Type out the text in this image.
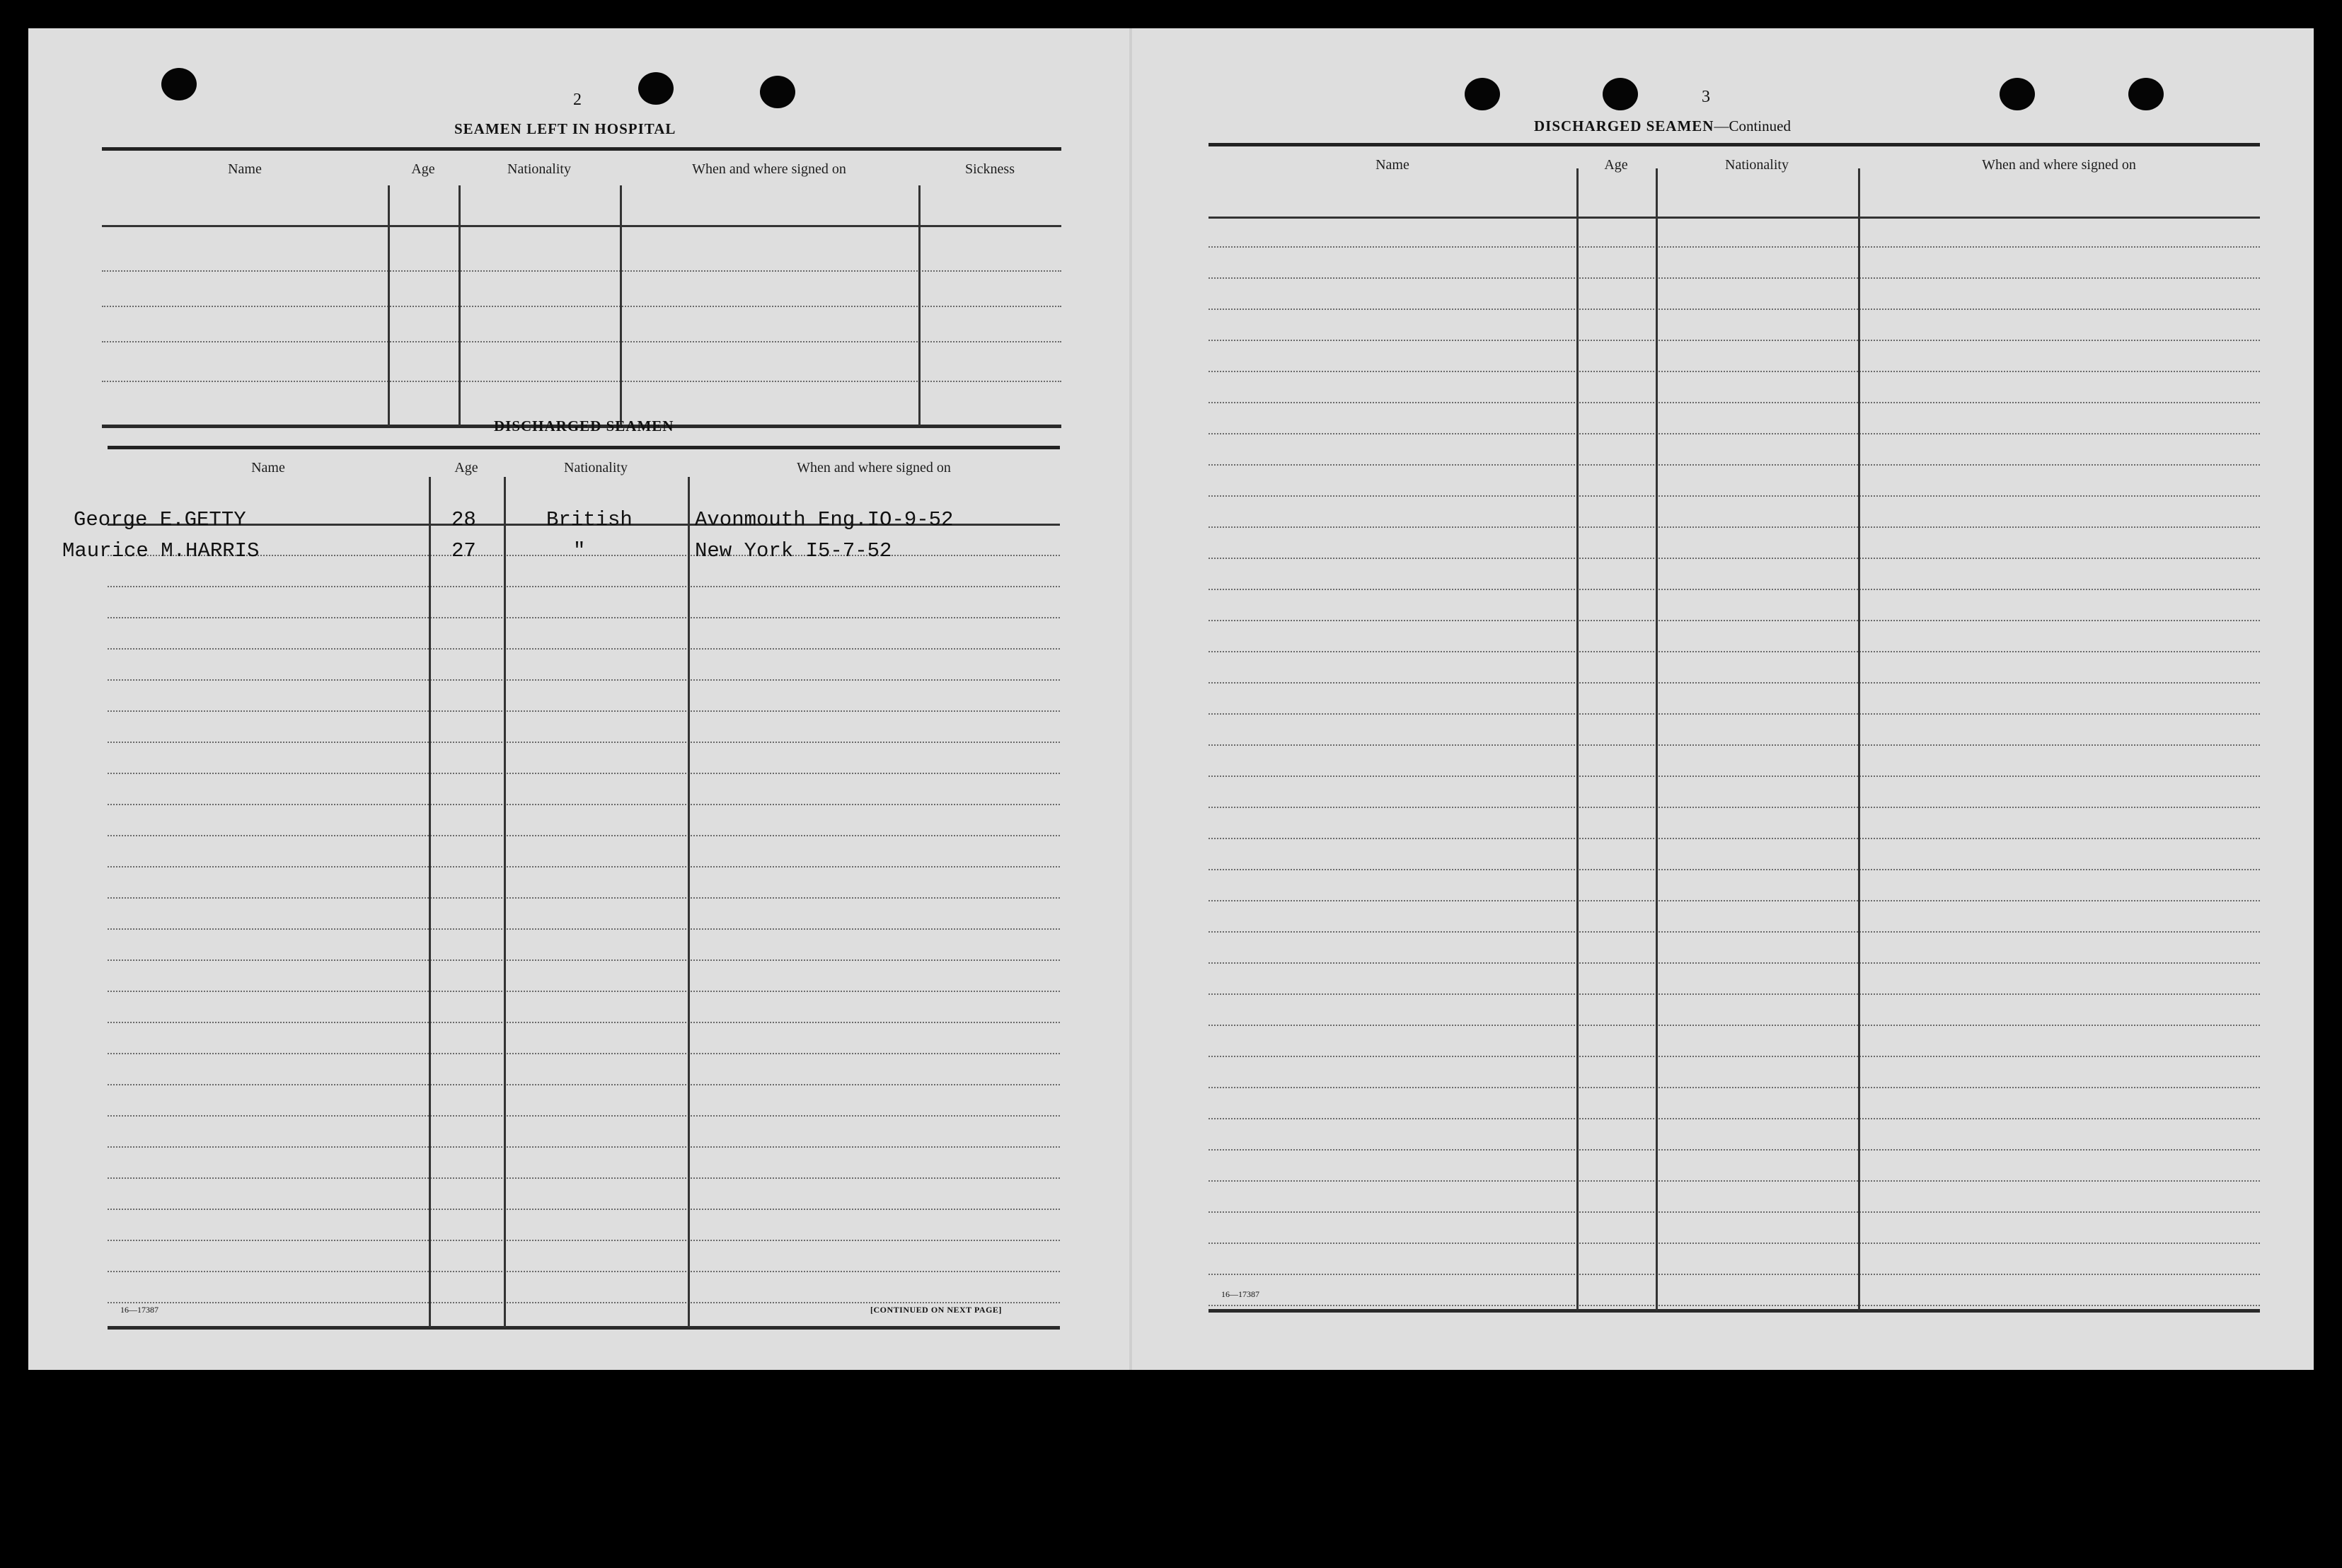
2
SEAMEN LEFT IN HOSPITAL
Name	Age	Nationality	When and where signed on	Sickness
DISCHARGED SEAMEN
Name	Age	Nationality	When and where signed on
George E.GETTY	28	British	Avonmouth Eng.IO-9-52
Maurice M.HARRIS	27	"	New York I5-7-52
16—17387	[CONTINUED ON NEXT PAGE]
3
DISCHARGED SEAMEN—Continued
Name	Age	Nationality	When and where signed on
16—17387
